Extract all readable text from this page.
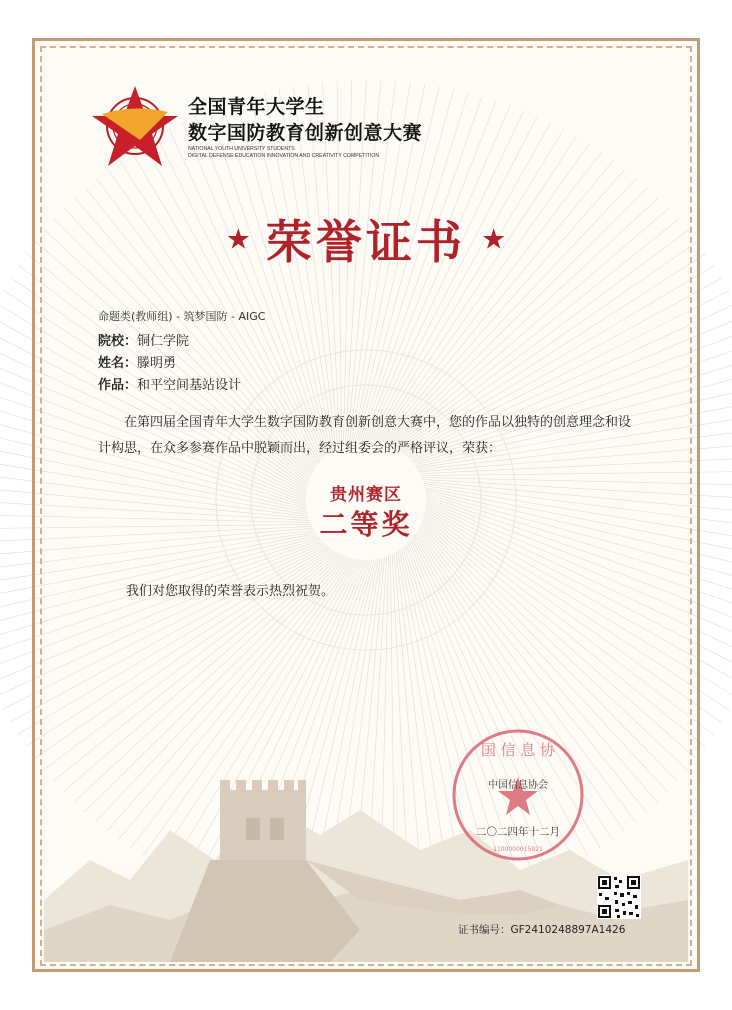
全国青年大学生
数字国防教育创新创意大赛
NATIONAL YOUTH UNIVERSITY STUDENTS
DIGITAL DEFENSE EDUCATION INNOVATION AND CREATIVITY COMPETITION
★ 荣誉证书 ★
命题类(教师组) - 筑梦国防 - AIGC
院校：铜仁学院
姓名：滕明勇
作品：和平空间基站设计
在第四届全国青年大学生数字国防教育创新创意大赛中，您的作品以独特的创意理念和设计构思，在众多参赛作品中脱颖而出，经过组委会的严格评议，荣获：
贵州赛区
二等奖
我们对您取得的荣誉表示热烈祝贺。
国 信 息 协
1100000015921
中国信息协会
二〇二四年十二月
证书编号：GF2410248897A1426
